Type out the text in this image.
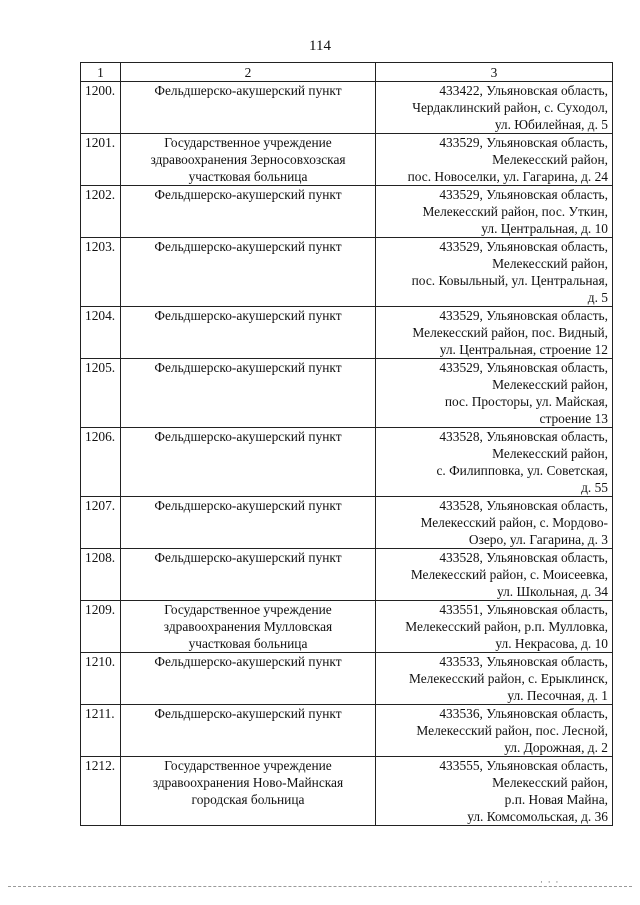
114
1	2	3
1200.	Фельдшерско-акушерский пункт	433422, Ульяновская область,
Чердаклинский район, с. Суходол,
ул. Юбилейная, д. 5

1201.	Государственное учреждение
здравоохранения Зерносовхозская
участковая больница	433529, Ульяновская область,
Мелекесский район,
пос. Новоселки, ул. Гагарина, д. 24

1202.	Фельдшерско-акушерский пункт	433529, Ульяновская область,
Мелекесский район, пос. Уткин,
ул. Центральная, д. 10

1203.	Фельдшерско-акушерский пункт	433529, Ульяновская область,
Мелекесский район,
пос. Ковыльный, ул. Центральная,
д. 5

1204.	Фельдшерско-акушерский пункт	433529, Ульяновская область,
Мелекесский район, пос. Видный,
ул. Центральная, строение 12

1205.	Фельдшерско-акушерский пункт	433529, Ульяновская область,
Мелекесский район,
пос. Просторы, ул. Майская,
строение 13

1206.	Фельдшерско-акушерский пункт	433528, Ульяновская область,
Мелекесский район,
с. Филипповка, ул. Советская,
д. 55

1207.	Фельдшерско-акушерский пункт	433528, Ульяновская область,
Мелекесский район, с. Мордово-
Озеро, ул. Гагарина, д. 3

1208.	Фельдшерско-акушерский пункт	433528, Ульяновская область,
Мелекесский район, с. Моисеевка,
ул. Школьная, д. 34

1209.	Государственное учреждение
здравоохранения Мулловская
участковая больница	433551, Ульяновская область,
Мелекесский район, р.п. Мулловка,
ул. Некрасова, д. 10

1210.	Фельдшерско-акушерский пункт	433533, Ульяновская область,
Мелекесский район, с. Ерыклинск,
ул. Песочная, д. 1

1211.	Фельдшерско-акушерский пункт	433536, Ульяновская область,
Мелекесский район, пос. Лесной,
ул. Дорожная, д. 2

1212.	Государственное учреждение
здравоохранения Ново-Майнская
городская больница	433555, Ульяновская область,
Мелекесский район,
р.п. Новая Майна,
ул. Комсомольская, д. 36
· · ·
